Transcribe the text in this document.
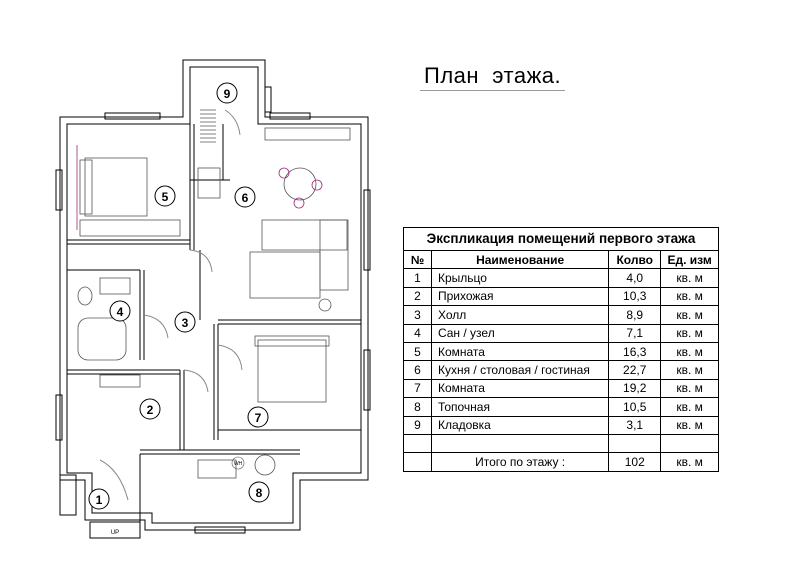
9
5	6
4
3
2
7
8
1
WH
UP
План  этажа.
Экспликация помещений первого этажа
№	Наименование	Колво	Ед. изм
1	Крыльцо	4,0	кв. м
2	Прихожая	10,3	кв. м
3	Холл	8,9	кв. м
4	Сан / узел	7,1	кв. м
5	Комната	16,3	кв. м
6	Кухня / столовая / гостиная	22,7	кв. м
7	Комната	19,2	кв. м
8	Топочная	10,5	кв. м
9	Кладовка	3,1	кв. м

	Итого по этажу :	102	кв. м
